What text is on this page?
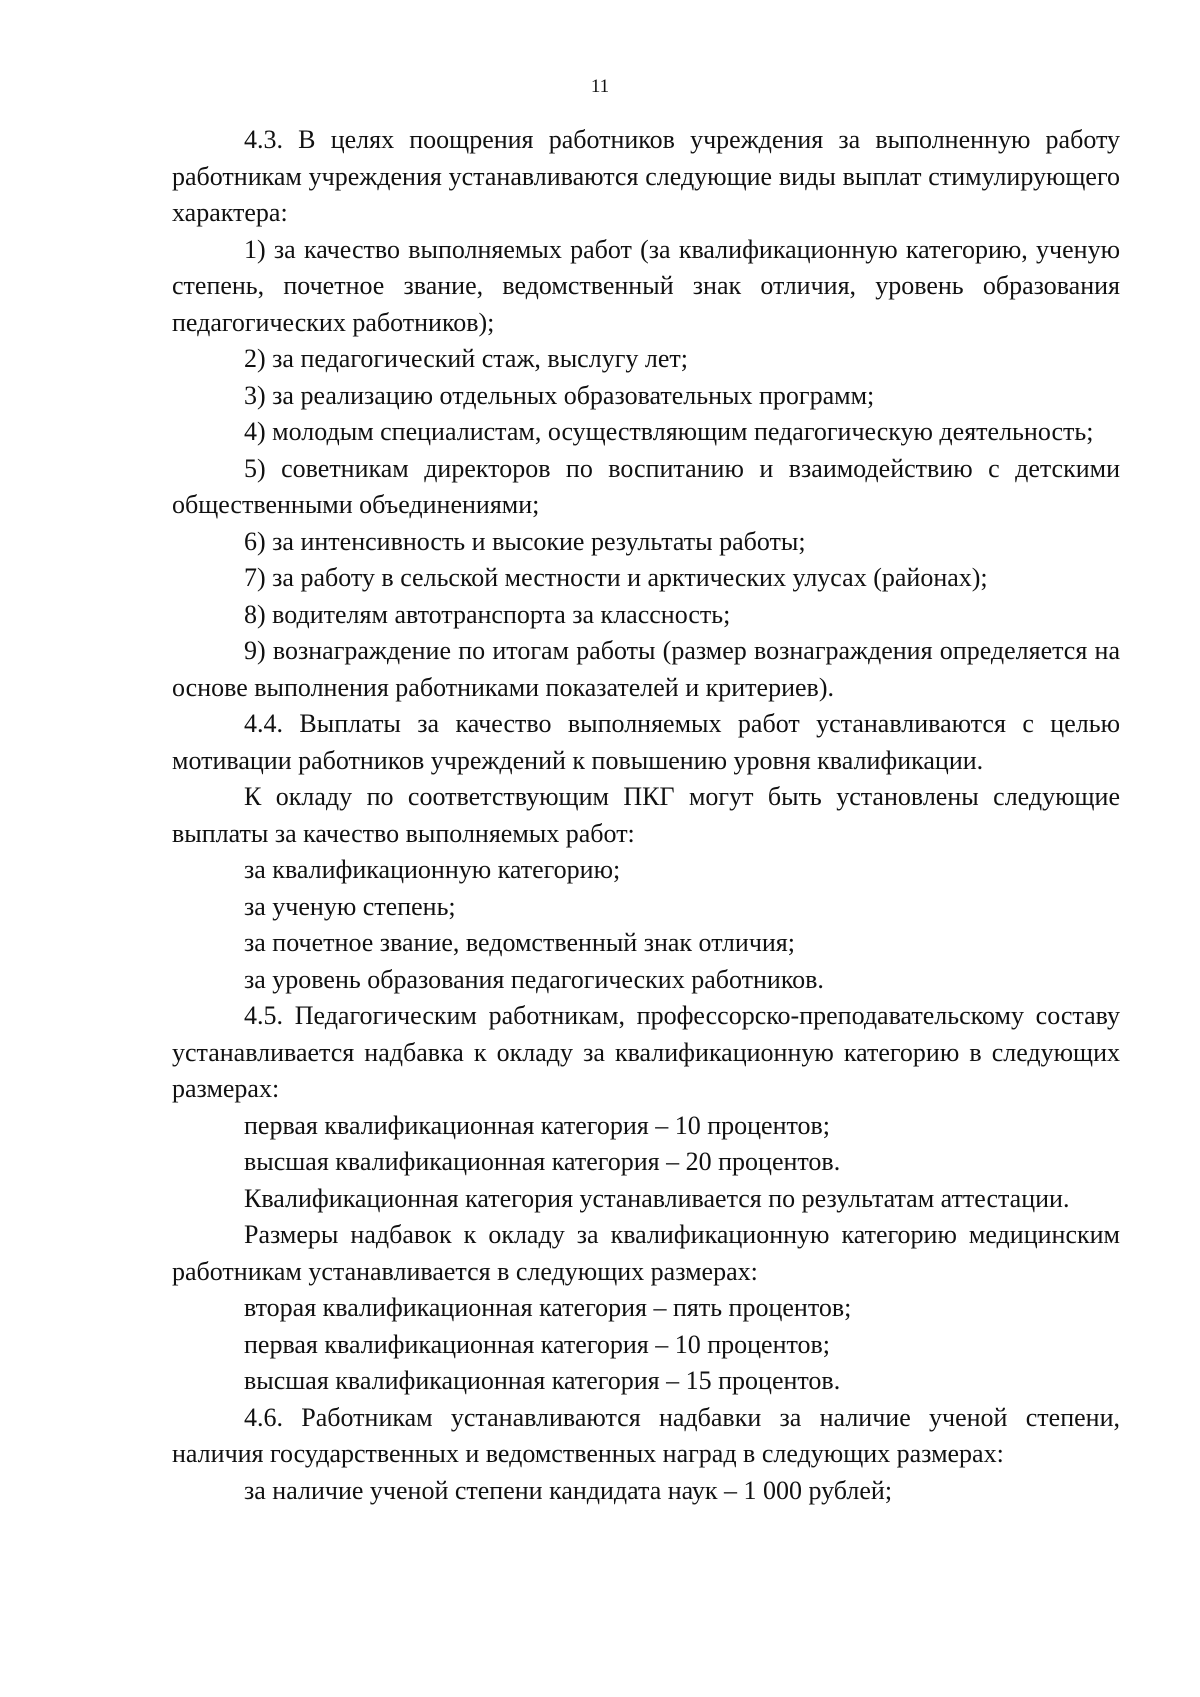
11

4.3. В целях поощрения работников учреждения за выполненную работу работникам учреждения устанавливаются следующие виды выплат стимулирующего характера:

1) за качество выполняемых работ (за квалификационную категорию, ученую степень, почетное звание, ведомственный знак отличия, уровень образования педагогических работников);

2) за педагогический стаж, выслугу лет;

3) за реализацию отдельных образовательных программ;

4) молодым специалистам, осуществляющим педагогическую деятельность;

5) советникам директоров по воспитанию и взаимодействию с детскими общественными объединениями;

6) за интенсивность и высокие результаты работы;

7) за работу в сельской местности и арктических улусах (районах);

8) водителям автотранспорта за классность;

9) вознаграждение по итогам работы (размер вознаграждения определяется на основе выполнения работниками показателей и критериев).

4.4. Выплаты за качество выполняемых работ устанавливаются с целью мотивации работников учреждений к повышению уровня квалификации.

К окладу по соответствующим ПКГ могут быть установлены следующие выплаты за качество выполняемых работ:

за квалификационную категорию;

за ученую степень;

за почетное звание, ведомственный знак отличия;

за уровень образования педагогических работников.

4.5. Педагогическим работникам, профессорско-преподавательскому составу устанавливается надбавка к окладу за квалификационную категорию в следующих размерах:

первая квалификационная категория – 10 процентов;

высшая квалификационная категория – 20 процентов.

Квалификационная категория устанавливается по результатам аттестации.

Размеры надбавок к окладу за квалификационную категорию медицинским работникам устанавливается в следующих размерах:

вторая квалификационная категория – пять процентов;

первая квалификационная категория – 10 процентов;

высшая квалификационная категория – 15 процентов.

4.6. Работникам устанавливаются надбавки за наличие ученой степени, наличия государственных и ведомственных наград в следующих размерах:

за наличие ученой степени кандидата наук – 1 000 рублей;
